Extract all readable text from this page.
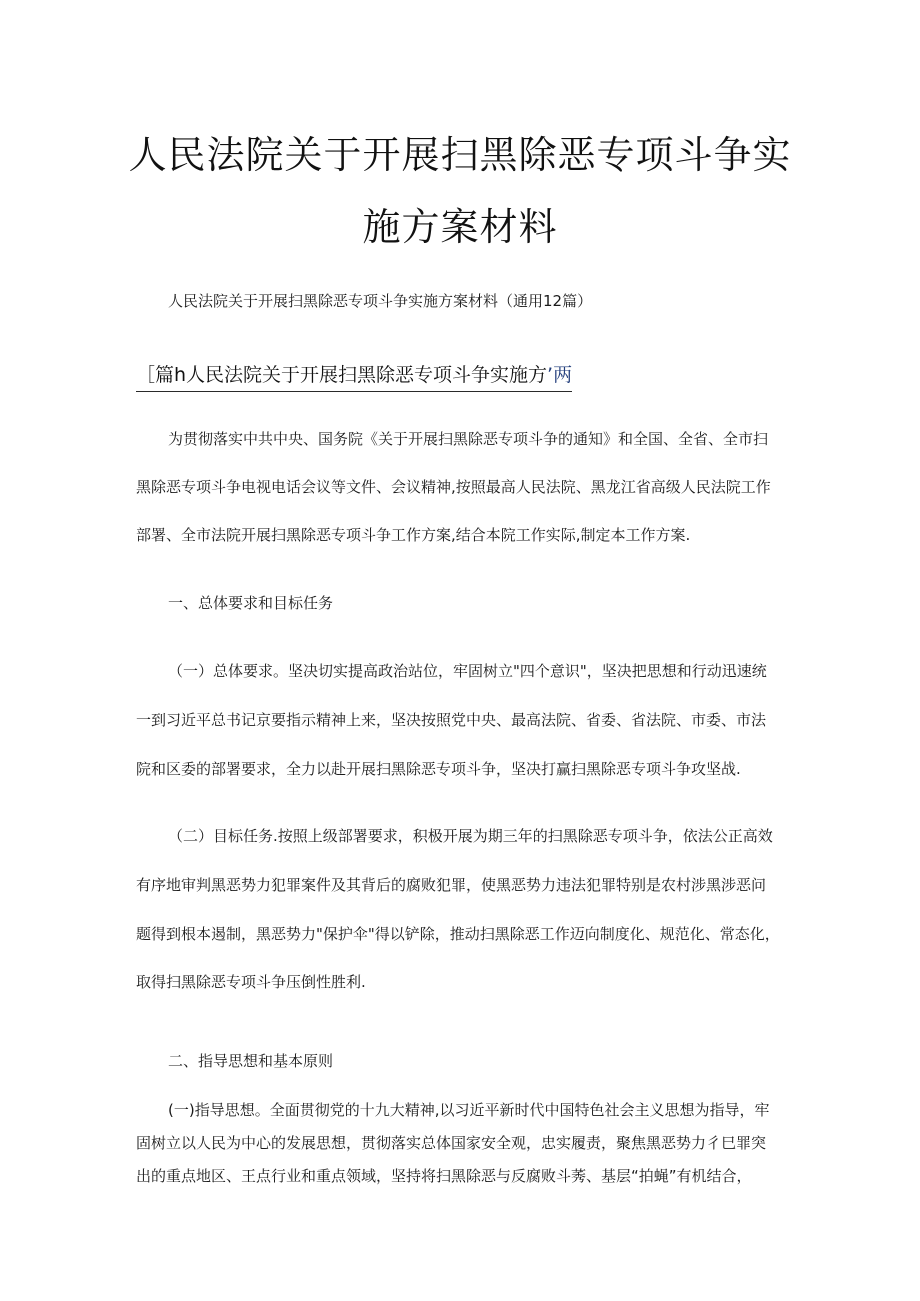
人民法院关于开展扫黑除恶专项斗争实
施方案材料
人民法院关于开展扫黑除恶专项斗争实施方案材料（通用12篇）
［篇h人民法院关于开展扫黑除恶专项斗争实施方’两
为贯彻落实中共中央、国务院《关于开展扫黑除恶专项斗争的通知》和全国、全省、全市扫
黑除恶专项斗争电视电话会议等文件、会议精神,按照最高人民法院、黑龙江省高级人民法院工作
部署、全市法院开展扫黑除恶专项斗争工作方案,结合本院工作实际,制定本工作方案.
一、总体要求和目标任务
（一）总体要求。坚决切实提高政治站位，牢固树立"四个意识"，坚决把思想和行动迅速统
一到习近平总书记京要指示精神上来，坚决按照党中央、最高法院、省委、省法院、市委、市法
院和区委的部署要求，全力以赴开展扫黑除恶专项斗争，坚决打赢扫黑除恶专项斗争攻坚战.
（二）目标任务.按照上级部署要求，积极开展为期三年的扫黑除恶专项斗争，依法公正高效
有序地审判黑恶势力犯罪案件及其背后的腐败犯罪，使黑恶势力违法犯罪特别是农村涉黑涉恶问
题得到根本遏制，黑恶势力"保护伞"得以铲除，推动扫黑除恶工作迈向制度化、规范化、常态化，
取得扫黑除恶专项斗争压倒性胜利.
二、指导思想和基本原则
(一)指导思想。全面贯彻党的十九大精神,以习近平新时代中国特色社会主义思想为指导，牢
固树立以人民为中心的发展思想，贯彻落实总体国家安全观，忠实履责，聚焦黑恶势力彳巳罪突
出的重点地区、王点行业和重点领域，坚持将扫黑除恶与反腐败斗莠、基层“拍蝇”有机结合，
